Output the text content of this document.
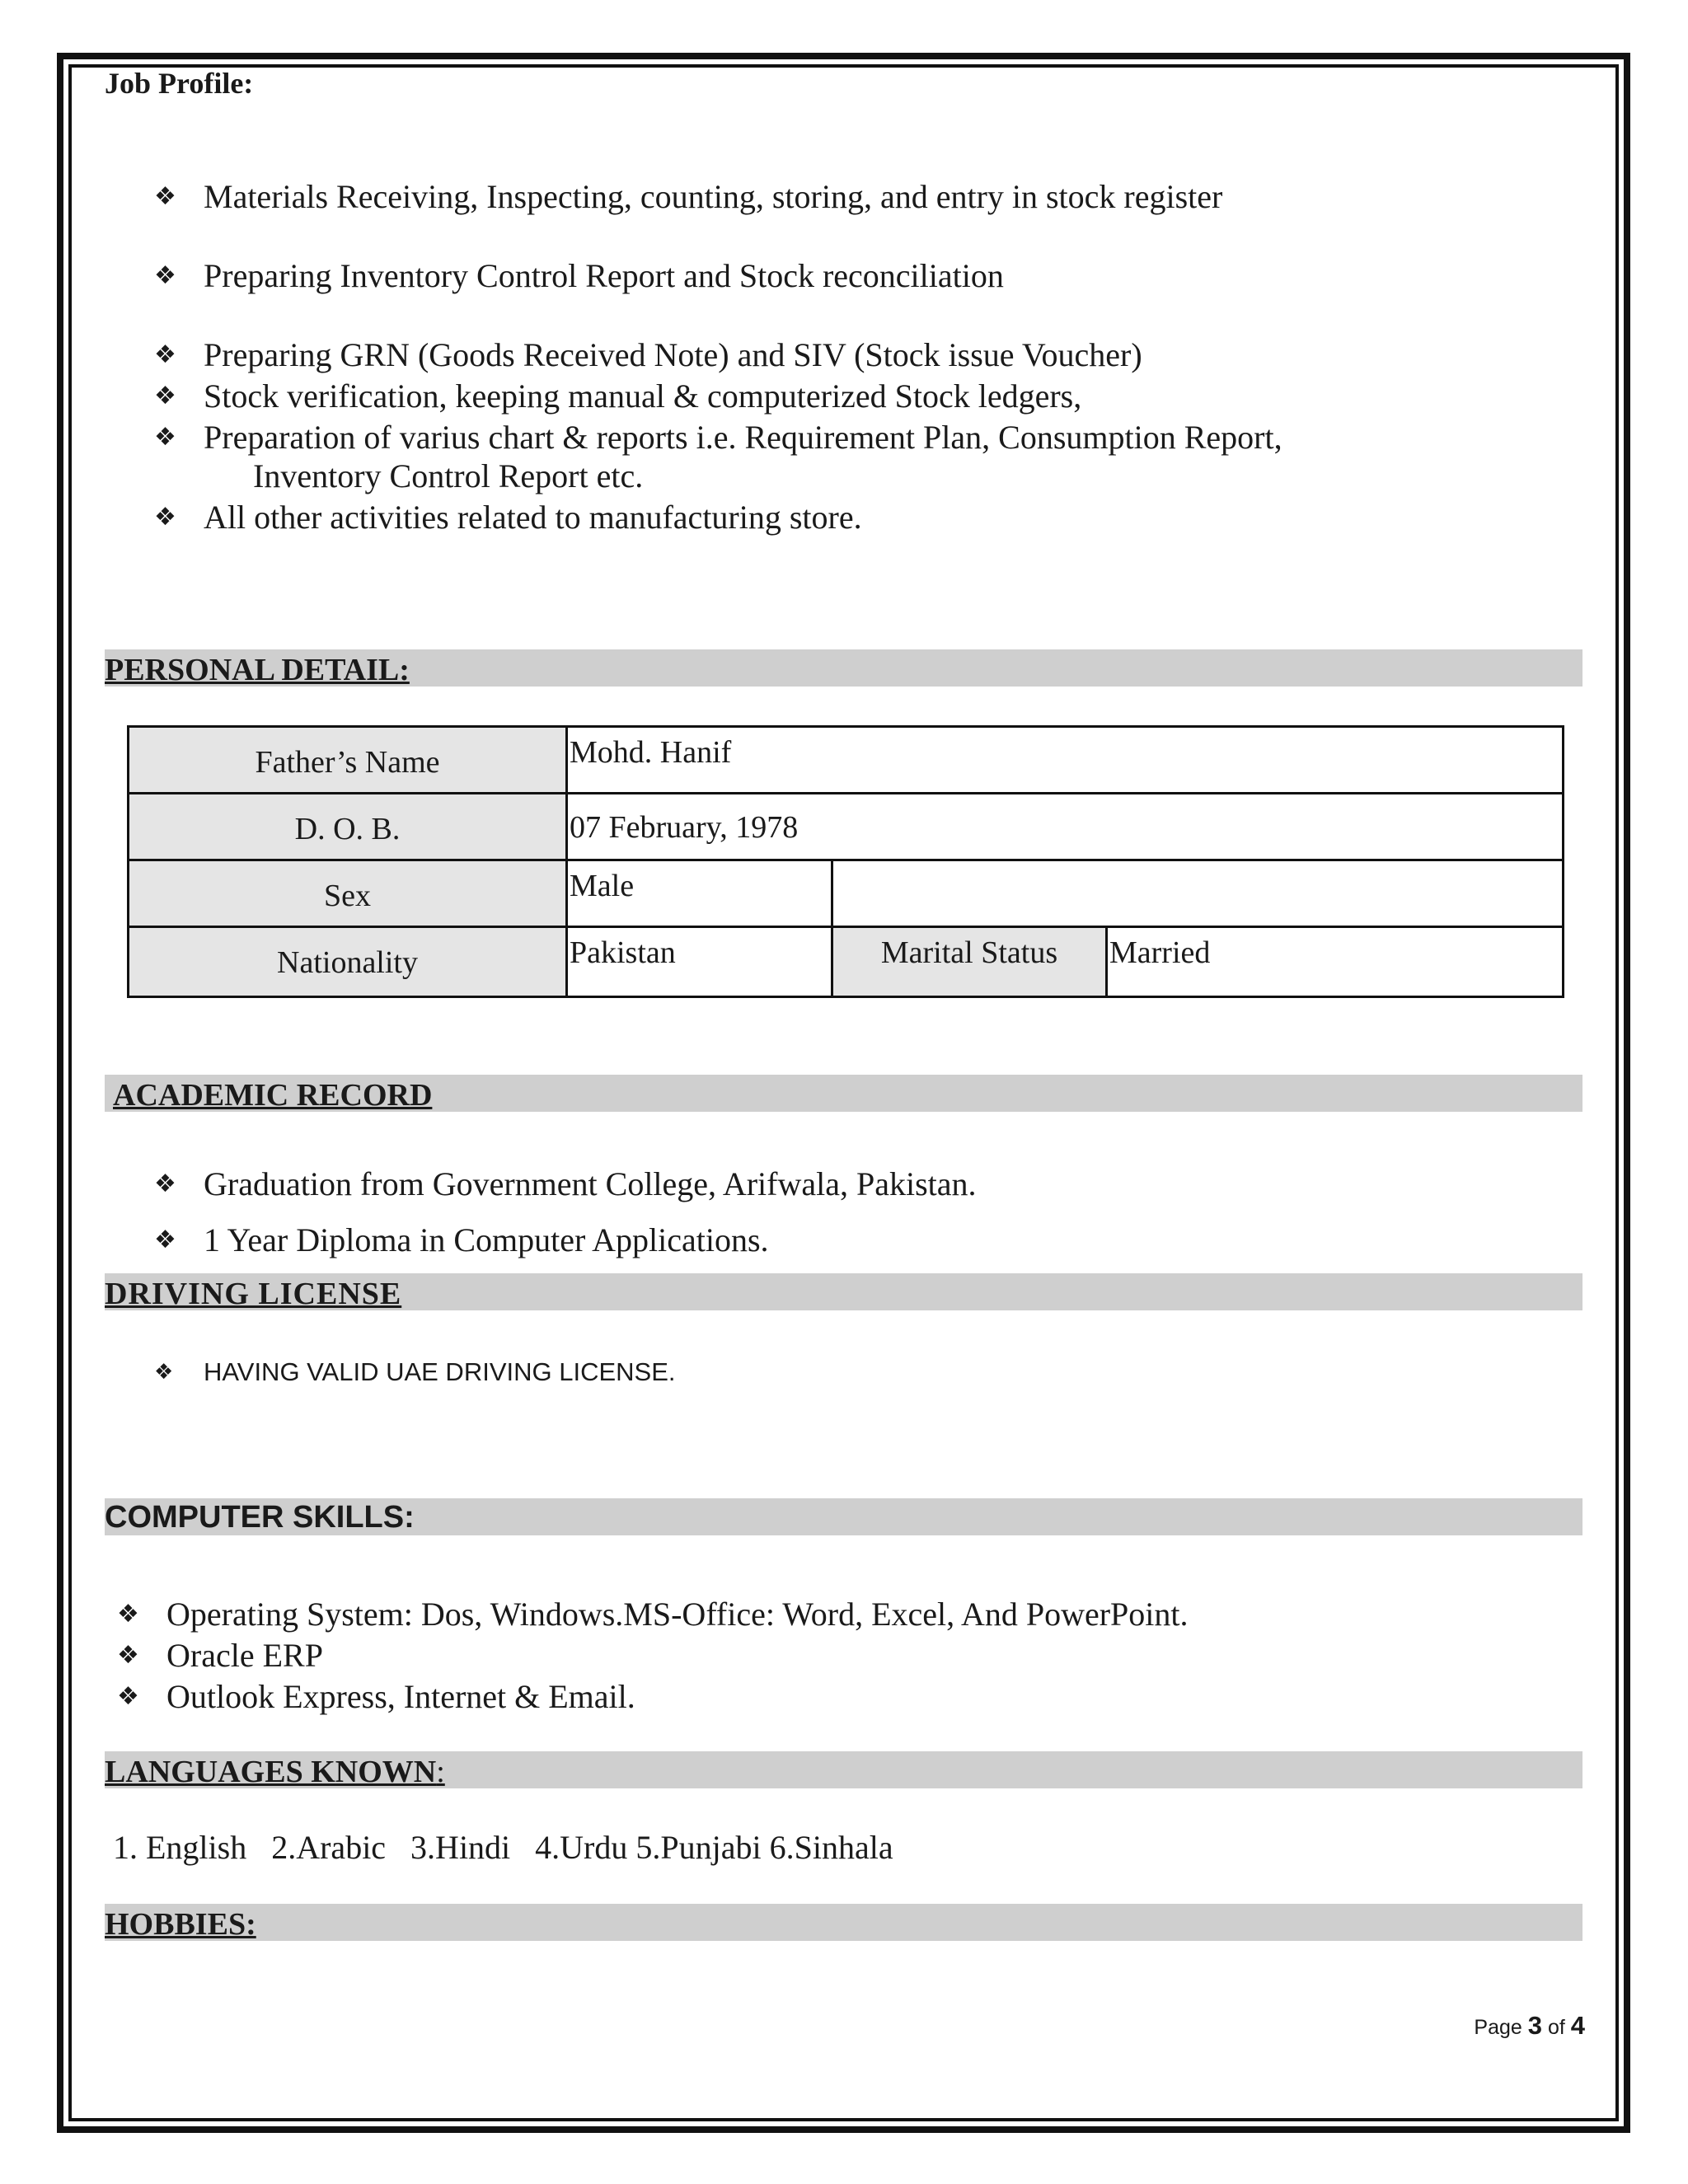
Job Profile:
❖ Materials Receiving, Inspecting, counting, storing, and entry in stock register
❖ Preparing Inventory Control Report and Stock reconciliation
❖ Preparing GRN (Goods Received Note) and SIV (Stock issue Voucher)
❖ Stock verification, keeping manual & computerized Stock ledgers,
❖ Preparation of varius chart & reports i.e. Requirement Plan, Consumption Report,
Inventory Control Report etc.
❖ All other activities related to manufacturing store.
PERSONAL DETAIL:
Father’s Name	Mohd. Hanif
D. O. B.	07 February, 1978
Sex	Male
Nationality	Pakistan	Marital Status	Married
ACADEMIC RECORD
❖ Graduation from Government College, Arifwala, Pakistan.
❖ 1 Year Diploma in Computer Applications.
DRIVING LICENSE
❖ HAVING VALID UAE DRIVING LICENSE.
COMPUTER SKILLS:
❖ Operating System: Dos, Windows.MS-Office: Word, Excel, And PowerPoint.
❖ Oracle ERP
❖ Outlook Express, Internet & Email.
LANGUAGES KNOWN:
1. English   2.Arabic   3.Hindi   4.Urdu 5.Punjabi 6.Sinhala
HOBBIES:
Page 3 of 4
